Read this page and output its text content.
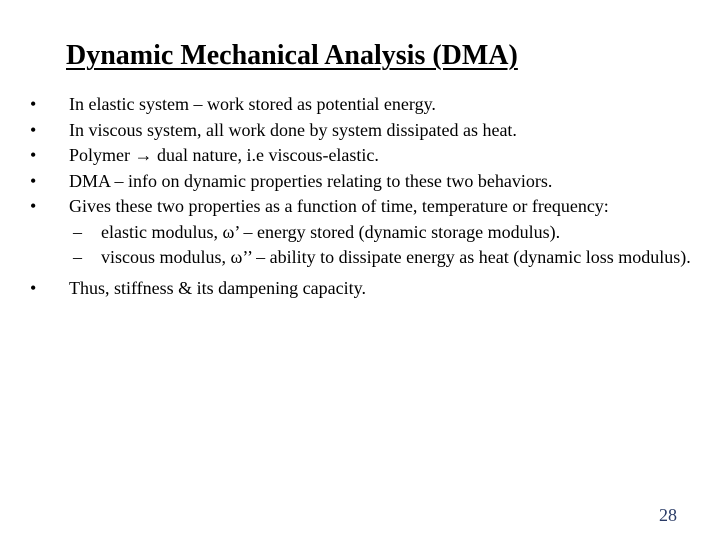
Dynamic Mechanical Analysis (DMA)
•	In elastic system – work stored as potential energy.
•	In viscous system, all work done by system dissipated as heat.
•	Polymer → dual nature, i.e viscous-elastic.
•	DMA – info on dynamic properties relating to these two behaviors.
•	Gives these two properties as a function of time, temperature or frequency:
– elastic modulus, ω’ – energy stored (dynamic storage modulus).
– viscous modulus, ω’’ – ability to dissipate energy as heat (dynamic loss modulus).
•	Thus, stiffness & its dampening capacity.
28
